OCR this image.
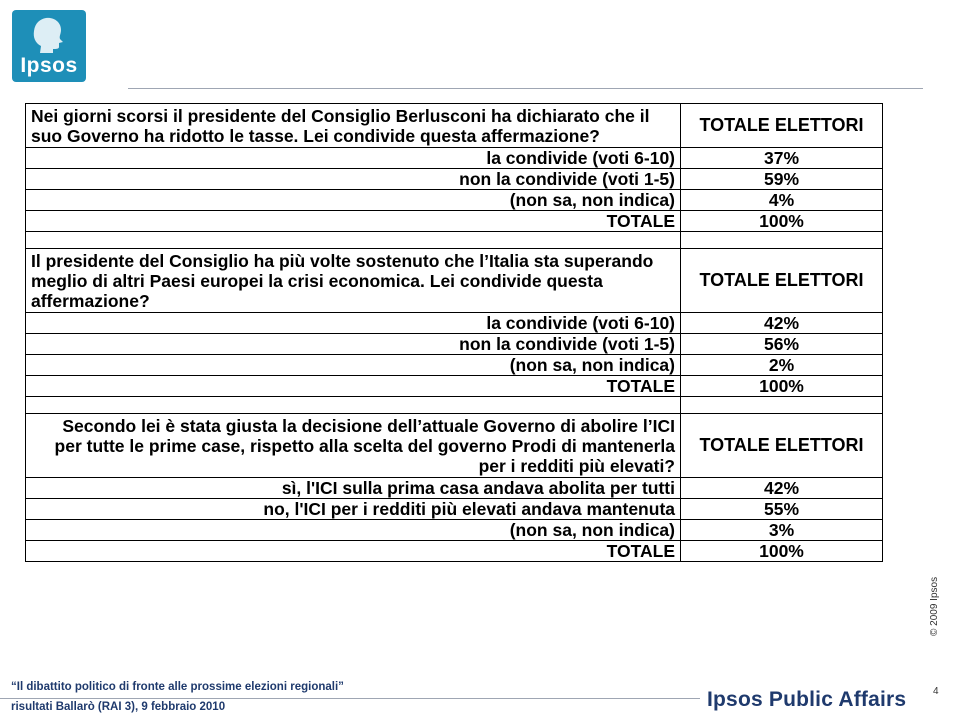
Ipsos
Nei giorni scorsi il presidente del Consiglio Berlusconi ha dichiarato che il suo Governo ha ridotto le tasse. Lei condivide questa affermazione?	TOTALE ELETTORI
la condivide (voti 6-10)	37%
non la condivide (voti 1-5)	59%
(non sa, non indica)	4%
TOTALE	100%

Il presidente del Consiglio ha più volte sostenuto che l’Italia sta superando meglio di altri Paesi europei la crisi economica. Lei condivide questa affermazione?	TOTALE ELETTORI
la condivide (voti 6-10)	42%
non la condivide (voti 1-5)	56%
(non sa, non indica)	2%
TOTALE	100%

Secondo lei è stata giusta la decisione dell’attuale Governo di abolire l’ICI per tutte le prime case, rispetto alla scelta del governo Prodi di mantenerla per i redditi più elevati?	TOTALE ELETTORI
sì, l'ICI sulla prima casa andava abolita per tutti	42%
no, l'ICI per i redditi più elevati andava mantenuta	55%
(non sa, non indica)	3%
TOTALE	100%
© 2009 Ipsos
4
“Il dibattito politico di fronte alle prossime elezioni regionali”
risultati Ballarò (RAI 3), 9 febbraio 2010	Ipsos Public Affairs
